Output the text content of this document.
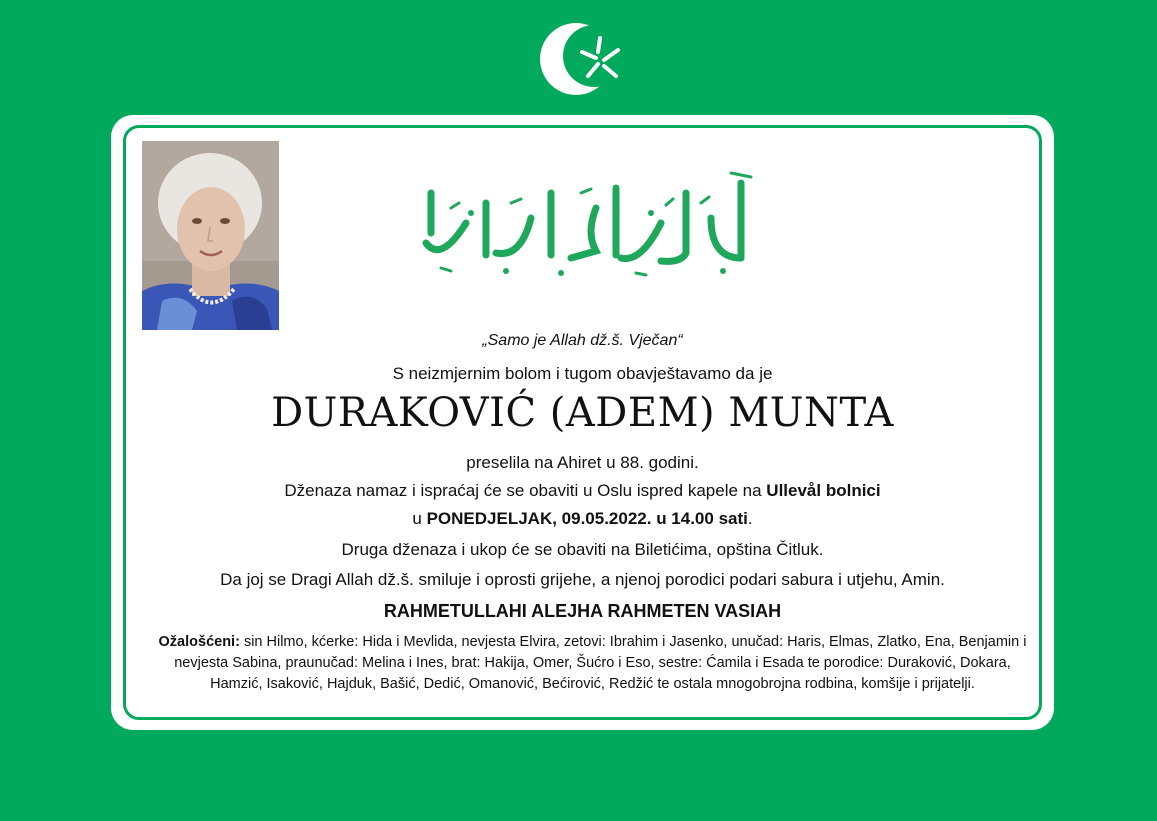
„Samo je Allah dž.š. Vječan“
S neizmjernim bolom i tugom obavještavamo da je
DURAKOVIĆ (ADEM) MUNTA
preselila na Ahiret u 88. godini.
Dženaza namaz i ispraćaj će se obaviti u Oslu ispred kapele na Ullevål bolnici
u PONEDJELJAK, 09.05.2022. u 14.00 sati.
Druga dženaza i ukop će se obaviti na Biletićima, opština Čitluk.
Da joj se Dragi Allah dž.š. smiluje i oprosti grijehe, a njenoj porodici podari sabura i utjehu, Amin.
RAHMETULLAHI ALEJHA RAHMETEN VASIAH
Ožalošćeni: sin Hilmo, kćerke: Hida i Mevlida, nevjesta Elvira, zetovi: Ibrahim i Jasenko, unučad: Haris, Elmas, Zlatko, Ena, Benjamin i nevjesta Sabina, praunučad: Melina i Ines, brat: Hakija, Omer, Šućro i Eso, sestre: Ćamila i Esada te porodice: Duraković, Dokara, Hamzić, Isaković, Hajduk, Bašić, Dedić, Omanović, Bećirović, Redžić te ostala mnogobrojna rodbina, komšije i prijatelji.
